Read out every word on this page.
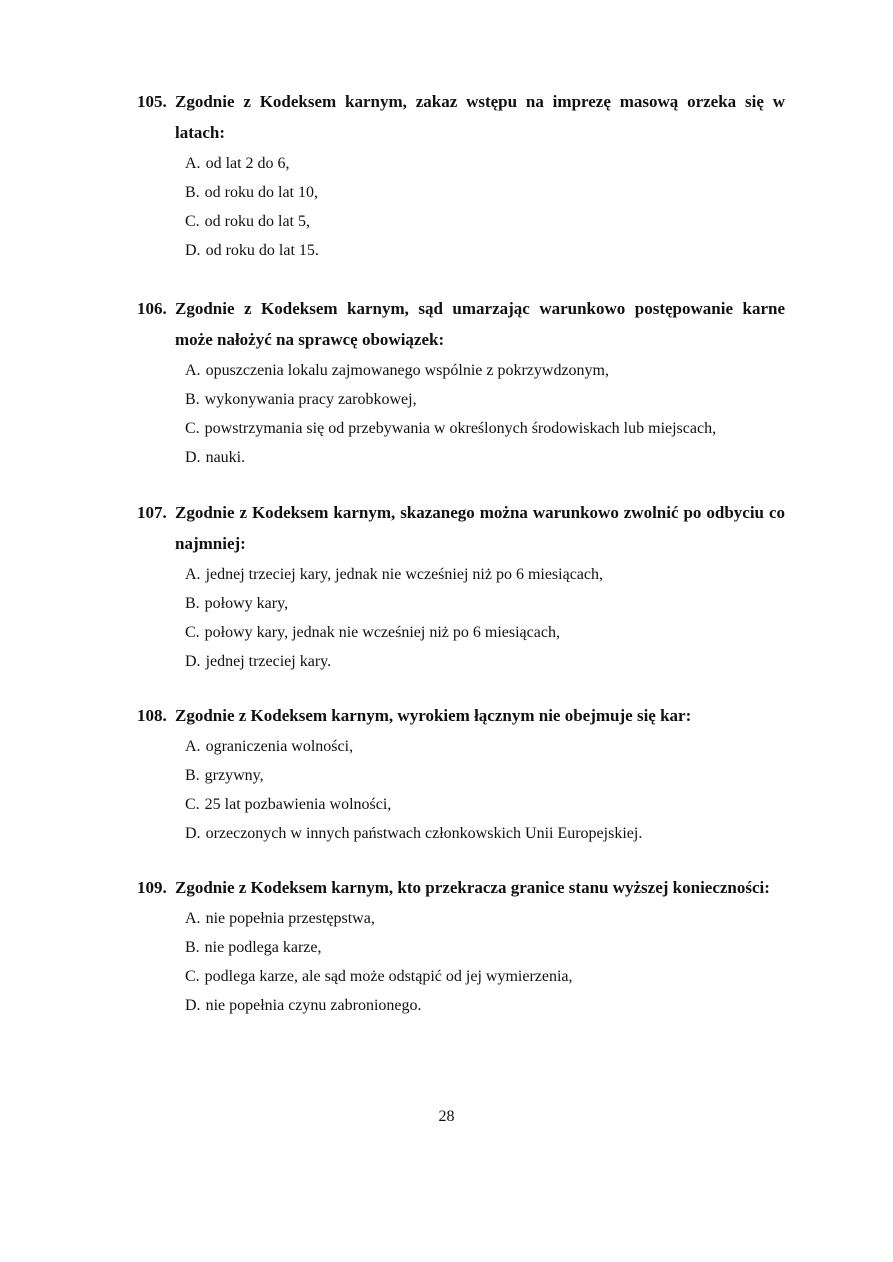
105. Zgodnie z Kodeksem karnym, zakaz wstępu na imprezę masową orzeka się w latach:
A. od lat 2 do 6,
B. od roku do lat 10,
C. od roku do lat 5,
D. od roku do lat 15.
106. Zgodnie z Kodeksem karnym, sąd umarzając warunkowo postępowanie karne może nałożyć na sprawcę obowiązek:
A. opuszczenia lokalu zajmowanego wspólnie z pokrzywdzonym,
B. wykonywania pracy zarobkowej,
C. powstrzymania się od przebywania w określonych środowiskach lub miejscach,
D. nauki.
107. Zgodnie z Kodeksem karnym, skazanego można warunkowo zwolnić po odbyciu co najmniej:
A. jednej trzeciej kary, jednak nie wcześniej niż po 6 miesiącach,
B. połowy kary,
C. połowy kary, jednak nie wcześniej niż po 6 miesiącach,
D. jednej trzeciej kary.
108. Zgodnie z Kodeksem karnym, wyrokiem łącznym nie obejmuje się kar:
A. ograniczenia wolności,
B. grzywny,
C. 25 lat pozbawienia wolności,
D. orzeczonych w innych państwach członkowskich Unii Europejskiej.
109. Zgodnie z Kodeksem karnym, kto przekracza granice stanu wyższej konieczności:
A. nie popełnia przestępstwa,
B. nie podlega karze,
C. podlega karze, ale sąd może odstąpić od jej wymierzenia,
D. nie popełnia czynu zabronionego.
28
